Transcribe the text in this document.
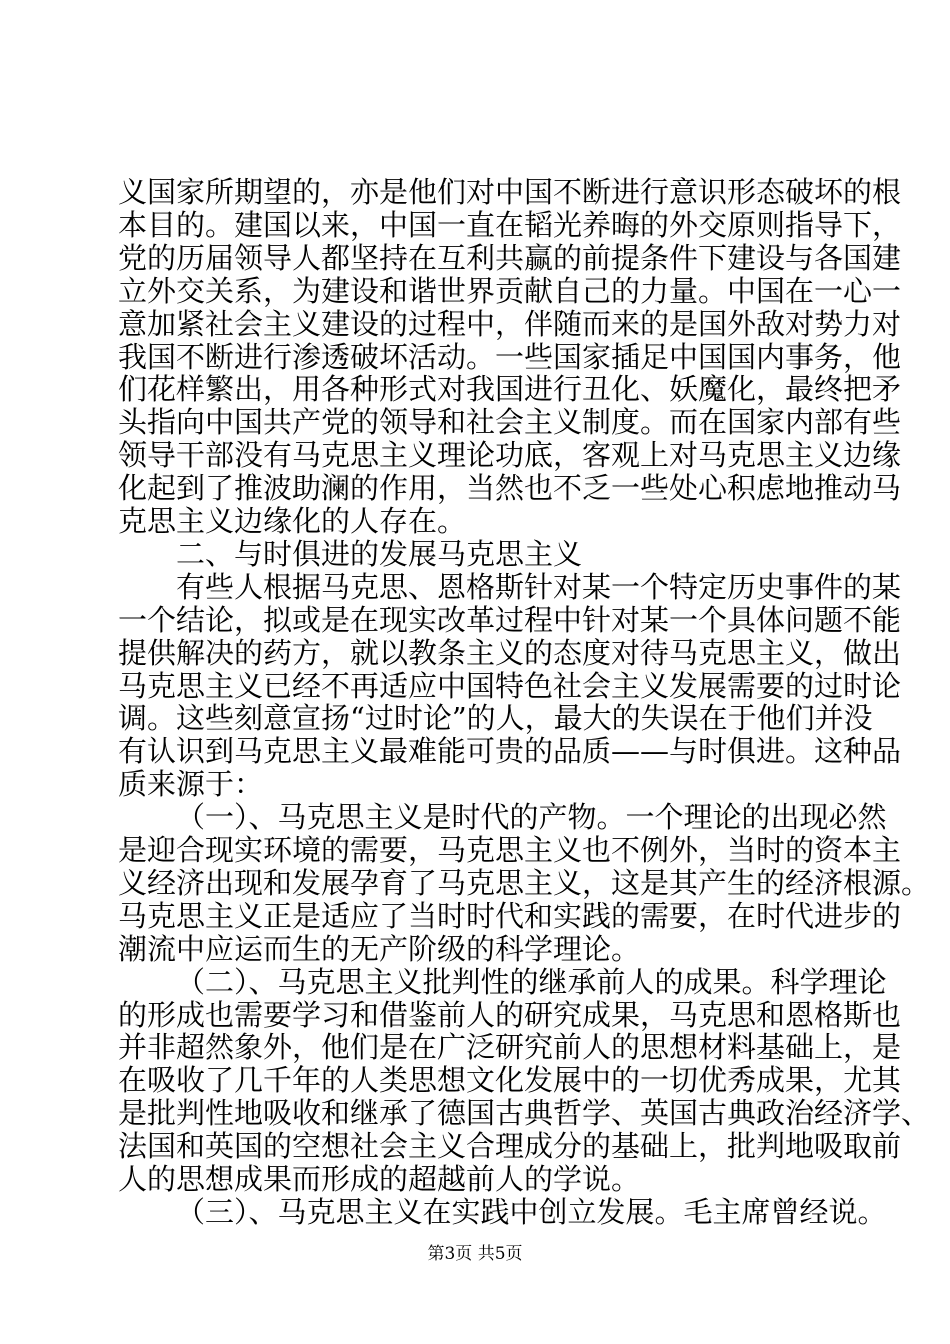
义国家所期望的，亦是他们对中国不断进行意识形态破坏的根
本目的。建国以来，中国一直在韬光养晦的外交原则指导下，
党的历届领导人都坚持在互利共赢的前提条件下建设与各国建
立外交关系，为建设和谐世界贡献自己的力量。中国在一心一
意加紧社会主义建设的过程中，伴随而来的是国外敌对势力对
我国不断进行渗透破坏活动。一些国家插足中国国内事务，他
们花样繁出，用各种形式对我国进行丑化、妖魔化，最终把矛
头指向中国共产党的领导和社会主义制度。而在国家内部有些
领导干部没有马克思主义理论功底，客观上对马克思主义边缘
化起到了推波助澜的作用，当然也不乏一些处心积虑地推动马
克思主义边缘化的人存在。
二、与时俱进的发展马克思主义
有些人根据马克思、恩格斯针对某一个特定历史事件的某
一个结论，拟或是在现实改革过程中针对某一个具体问题不能
提供解决的药方，就以教条主义的态度对待马克思主义，做出
马克思主义已经不再适应中国特色社会主义发展需要的过时论
调。这些刻意宣扬“过时论”的人，最大的失误在于他们并没
有认识到马克思主义最难能可贵的品质——与时俱进。这种品
质来源于：
（一）、马克思主义是时代的产物。一个理论的出现必然
是迎合现实环境的需要，马克思主义也不例外，当时的资本主
义经济出现和发展孕育了马克思主义，这是其产生的经济根源。
马克思主义正是适应了当时时代和实践的需要，在时代进步的
潮流中应运而生的无产阶级的科学理论。
（二）、马克思主义批判性的继承前人的成果。科学理论
的形成也需要学习和借鉴前人的研究成果，马克思和恩格斯也
并非超然象外，他们是在广泛研究前人的思想材料基础上，是
在吸收了几千年的人类思想文化发展中的一切优秀成果，尤其
是批判性地吸收和继承了德国古典哲学、英国古典政治经济学、
法国和英国的空想社会主义合理成分的基础上，批判地吸取前
人的思想成果而形成的超越前人的学说。
（三）、马克思主义在实践中创立发展。毛主席曾经说。
第3页 共5页
